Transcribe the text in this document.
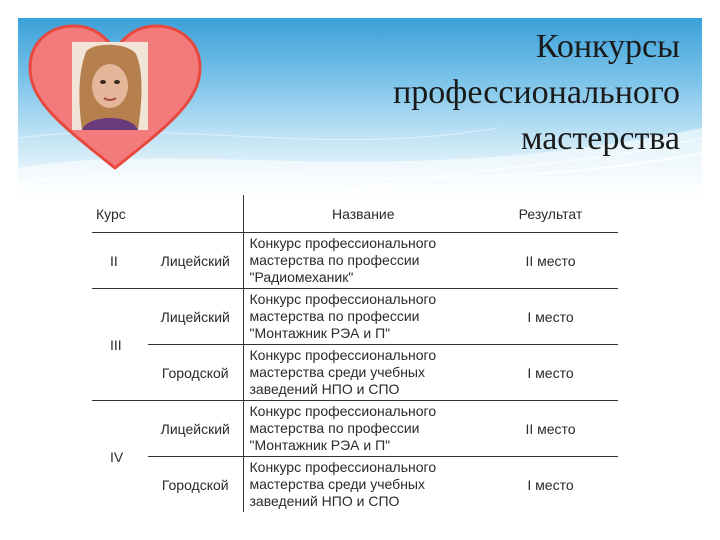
Конкурсы
профессионального
мастерства
Курс		Название	Результат
II	Лицейский	Конкурс профессионального
мастерства по профессии
"Радиомеханик"	II место
III	Лицейский	Конкурс профессионального
мастерства по профессии
"Монтажник РЭА и П"	I место
	Городской	Конкурс профессионального
мастерства среди учебных
заведений НПО и СПО	I место
IV	Лицейский	Конкурс профессионального
мастерства по профессии
"Монтажник РЭА и П"	II место
	Городской	Конкурс профессионального
мастерства среди учебных
заведений НПО и СПО	I место
